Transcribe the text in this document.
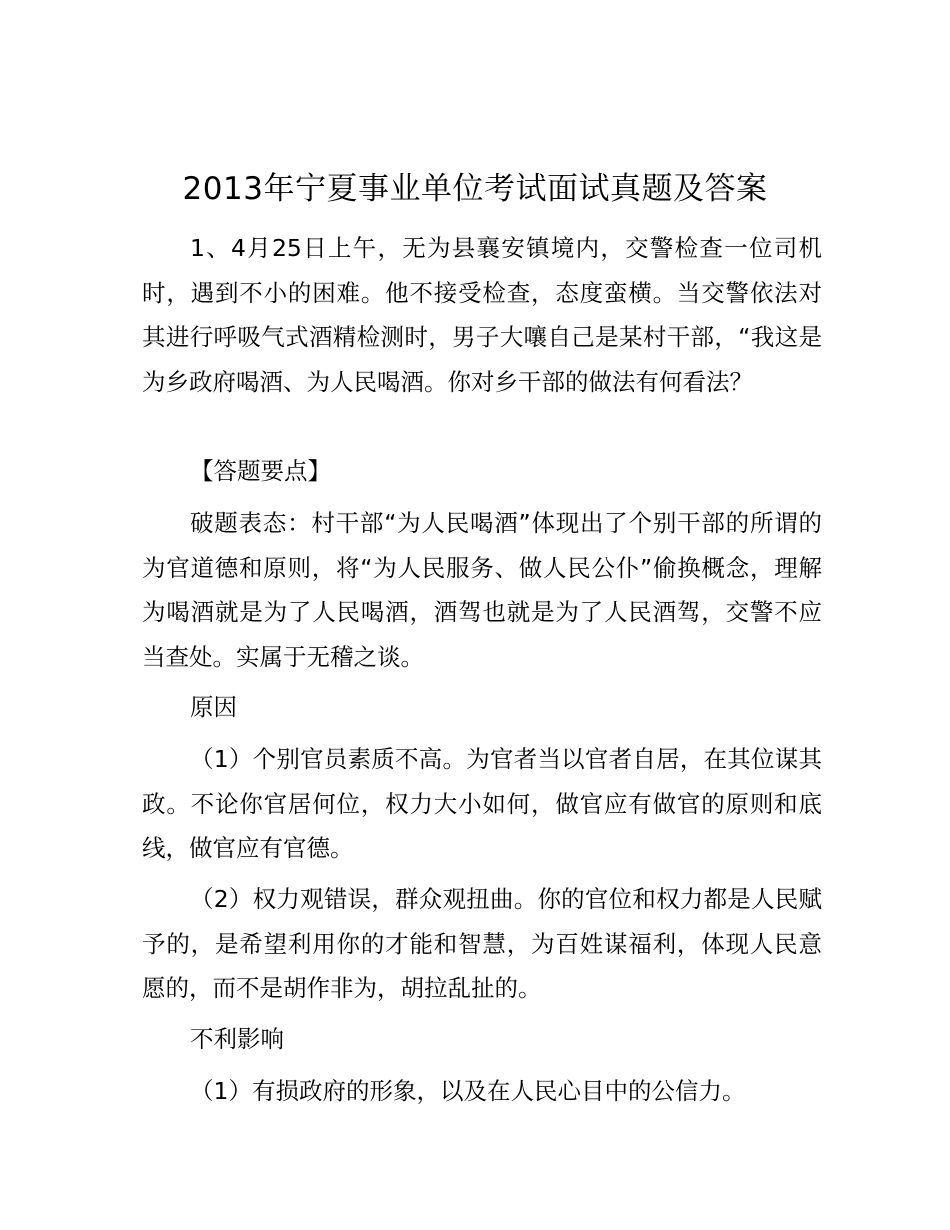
2013年宁夏事业单位考试面试真题及答案

1、4月25日上午，无为县襄安镇境内，交警检查一位司机时，遇到不小的困难。他不接受检查，态度蛮横。当交警依法对其进行呼吸气式酒精检测时，男子大嚷自己是某村干部，“我这是为乡政府喝酒、为人民喝酒。你对乡干部的做法有何看法？

【答题要点】

破题表态：村干部“为人民喝酒”体现出了个别干部的所谓的为官道德和原则，将“为人民服务、做人民公仆”偷换概念，理解为喝酒就是为了人民喝酒，酒驾也就是为了人民酒驾，交警不应当查处。实属于无稽之谈。

原因

（1）个别官员素质不高。为官者当以官者自居，在其位谋其政。不论你官居何位，权力大小如何，做官应有做官的原则和底线，做官应有官德。

（2）权力观错误，群众观扭曲。你的官位和权力都是人民赋予的，是希望利用你的才能和智慧，为百姓谋福利，体现人民意愿的，而不是胡作非为，胡拉乱扯的。

不利影响

（1）有损政府的形象，以及在人民心目中的公信力。
